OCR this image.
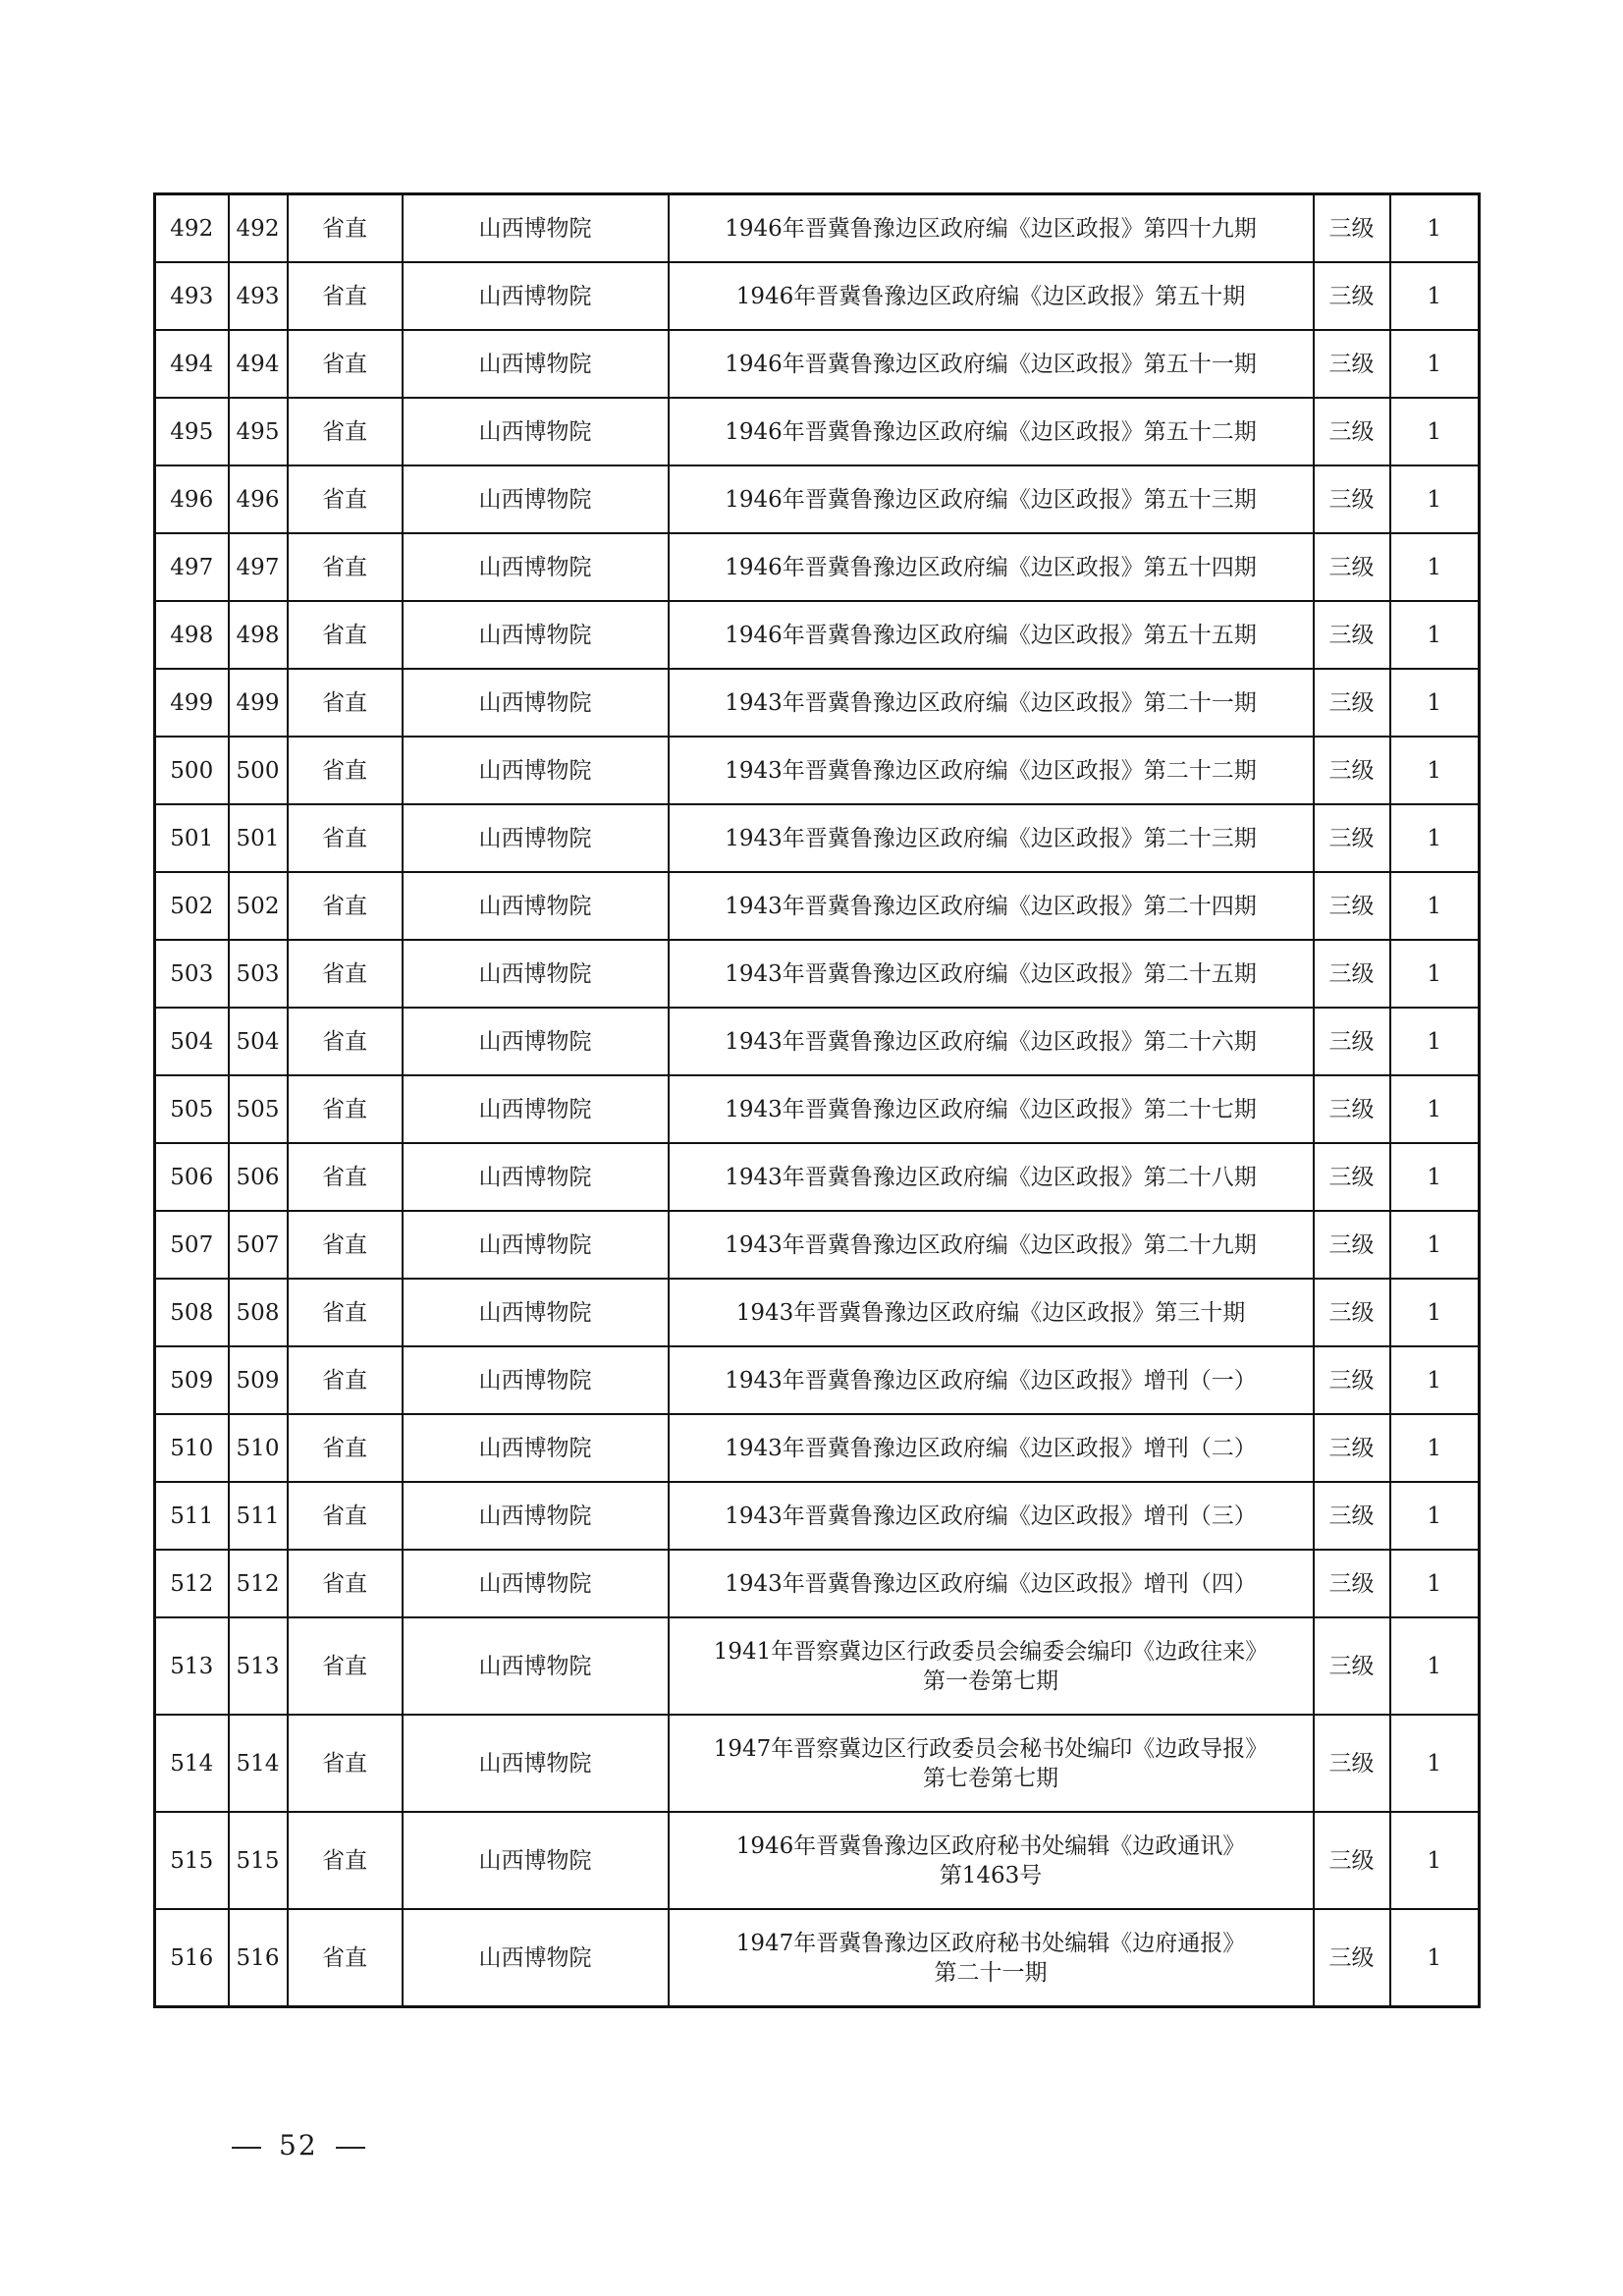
492	492	省直	山西博物院	1946年晋冀鲁豫边区政府编《边区政报》第四十九期	三级	1
493	493	省直	山西博物院	1946年晋冀鲁豫边区政府编《边区政报》第五十期	三级	1
494	494	省直	山西博物院	1946年晋冀鲁豫边区政府编《边区政报》第五十一期	三级	1
495	495	省直	山西博物院	1946年晋冀鲁豫边区政府编《边区政报》第五十二期	三级	1
496	496	省直	山西博物院	1946年晋冀鲁豫边区政府编《边区政报》第五十三期	三级	1
497	497	省直	山西博物院	1946年晋冀鲁豫边区政府编《边区政报》第五十四期	三级	1
498	498	省直	山西博物院	1946年晋冀鲁豫边区政府编《边区政报》第五十五期	三级	1
499	499	省直	山西博物院	1943年晋冀鲁豫边区政府编《边区政报》第二十一期	三级	1
500	500	省直	山西博物院	1943年晋冀鲁豫边区政府编《边区政报》第二十二期	三级	1
501	501	省直	山西博物院	1943年晋冀鲁豫边区政府编《边区政报》第二十三期	三级	1
502	502	省直	山西博物院	1943年晋冀鲁豫边区政府编《边区政报》第二十四期	三级	1
503	503	省直	山西博物院	1943年晋冀鲁豫边区政府编《边区政报》第二十五期	三级	1
504	504	省直	山西博物院	1943年晋冀鲁豫边区政府编《边区政报》第二十六期	三级	1
505	505	省直	山西博物院	1943年晋冀鲁豫边区政府编《边区政报》第二十七期	三级	1
506	506	省直	山西博物院	1943年晋冀鲁豫边区政府编《边区政报》第二十八期	三级	1
507	507	省直	山西博物院	1943年晋冀鲁豫边区政府编《边区政报》第二十九期	三级	1
508	508	省直	山西博物院	1943年晋冀鲁豫边区政府编《边区政报》第三十期	三级	1
509	509	省直	山西博物院	1943年晋冀鲁豫边区政府编《边区政报》增刊（一）	三级	1
510	510	省直	山西博物院	1943年晋冀鲁豫边区政府编《边区政报》增刊（二）	三级	1
511	511	省直	山西博物院	1943年晋冀鲁豫边区政府编《边区政报》增刊（三）	三级	1
512	512	省直	山西博物院	1943年晋冀鲁豫边区政府编《边区政报》增刊（四）	三级	1
513	513	省直	山西博物院	1941年晋察冀边区行政委员会编委会编印《边政往来》
第一卷第七期	三级	1
514	514	省直	山西博物院	1947年晋察冀边区行政委员会秘书处编印《边政导报》
第七卷第七期	三级	1
515	515	省直	山西博物院	1946年晋冀鲁豫边区政府秘书处编辑《边政通讯》
第1463号	三级	1
516	516	省直	山西博物院	1947年晋冀鲁豫边区政府秘书处编辑《边府通报》
第二十一期	三级	1
52
